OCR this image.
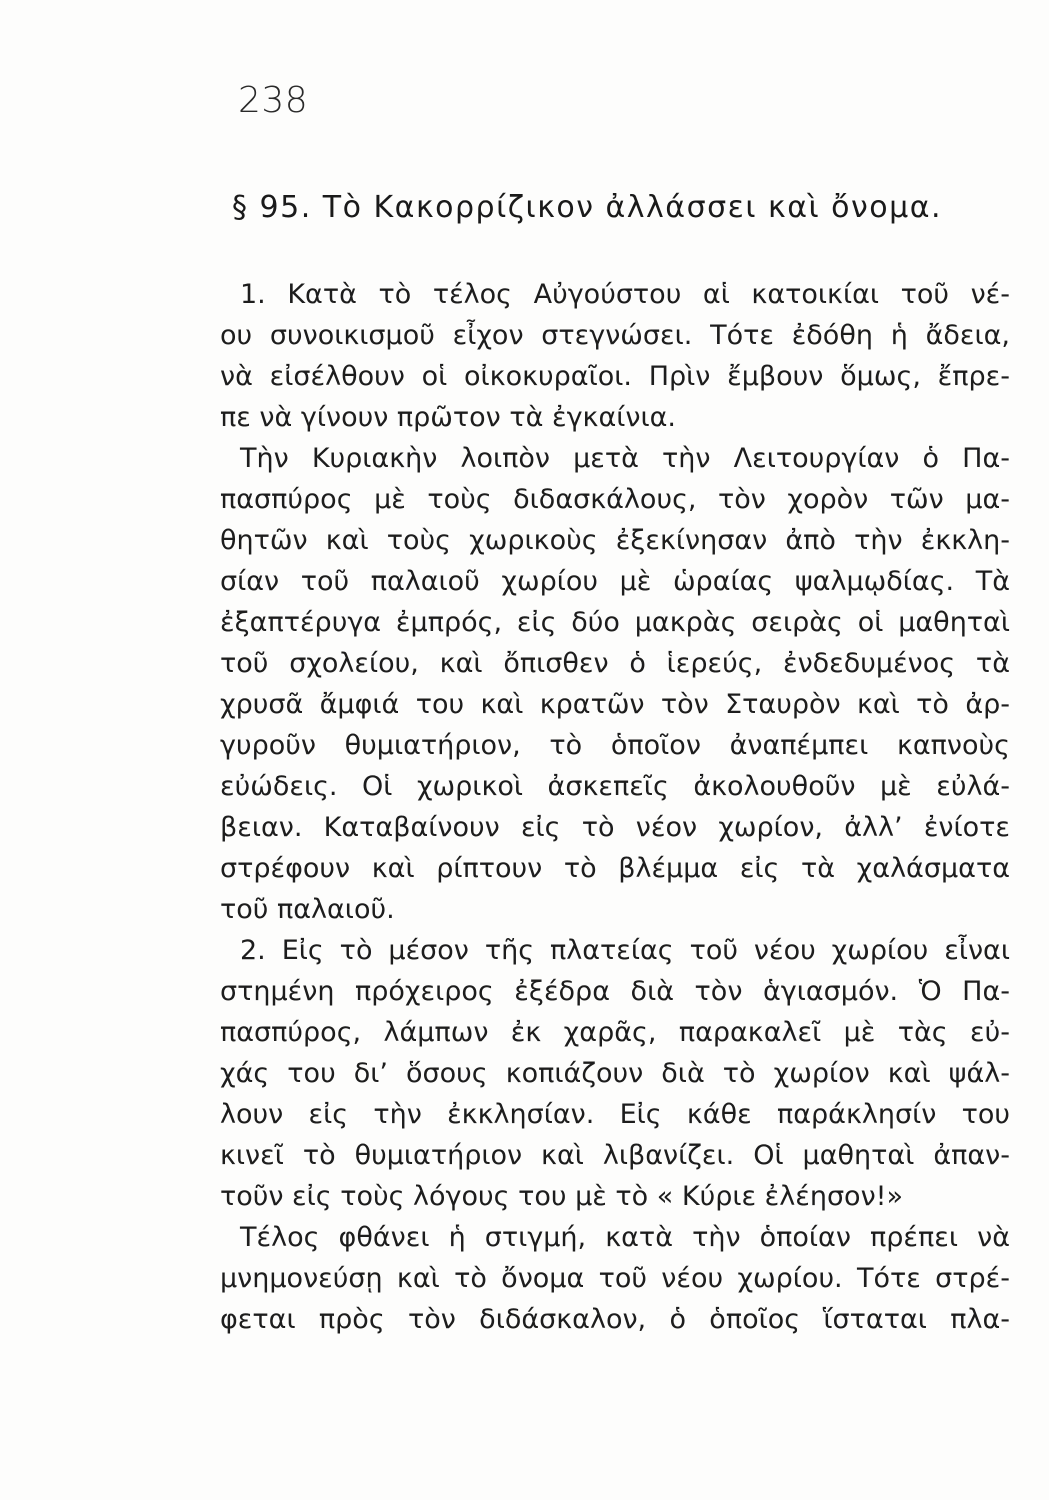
238
§ 95. Τὸ Κακορρίζικον ἀλλάσσει καὶ ὄνομα.
1. Κατὰ τὸ τέλος Αὐγούστου αἱ κατοικίαι τοῦ νέ-
ου συνοικισμοῦ εἶχον στεγνώσει. Τότε ἐδόθη ἡ ἄδεια,
νὰ εἰσέλθουν οἱ οἰκοκυραῖοι. Πρὶν ἔμβουν ὅμως, ἔπρε-
πε νὰ γίνουν πρῶτον τὰ ἐγκαίνια.
Τὴν Κυριακὴν λοιπὸν μετὰ τὴν Λειτουργίαν ὁ Πα-
πασπύρος μὲ τοὺς διδασκάλους, τὸν χορὸν τῶν μα-
θητῶν καὶ τοὺς χωρικοὺς ἐξεκίνησαν ἀπὸ τὴν ἐκκλη-
σίαν τοῦ παλαιοῦ χωρίου μὲ ὡραίας ψαλμῳδίας. Τὰ
ἐξαπτέρυγα ἐμπρός, εἰς δύο μακρὰς σειρὰς οἱ μαθηταὶ
τοῦ σχολείου, καὶ ὄπισθεν ὁ ἱερεύς, ἐνδεδυμένος τὰ
χρυσᾶ ἄμφιά του καὶ κρατῶν τὸν Σταυρὸν καὶ τὸ ἀρ-
γυροῦν θυμιατήριον, τὸ ὁποῖον ἀναπέμπει καπνοὺς
εὐώδεις. Οἱ χωρικοὶ ἀσκεπεῖς ἀκολουθοῦν μὲ εὐλά-
βειαν. Καταβαίνουν εἰς τὸ νέον χωρίον, ἀλλ’ ἐνίοτε
στρέφουν καὶ ρίπτουν τὸ βλέμμα εἰς τὰ χαλάσματα
τοῦ παλαιοῦ.
2. Εἰς τὸ μέσον τῆς πλατείας τοῦ νέου χωρίου εἶναι
στημένη πρόχειρος ἐξέδρα διὰ τὸν ἁγιασμόν. Ὁ Πα-
πασπύρος, λάμπων ἐκ χαρᾶς, παρακαλεῖ μὲ τὰς εὐ-
χάς του δι’ ὅσους κοπιάζουν διὰ τὸ χωρίον καὶ ψάλ-
λουν εἰς τὴν ἐκκλησίαν. Εἰς κάθε παράκλησίν του
κινεῖ τὸ θυμιατήριον καὶ λιβανίζει. Οἱ μαθηταὶ ἀπαν-
τοῦν εἰς τοὺς λόγους του μὲ τὸ « Κύριε ἐλέησον!»
Τέλος φθάνει ἡ στιγμή, κατὰ τὴν ὁποίαν πρέπει νὰ
μνημονεύσῃ καὶ τὸ ὄνομα τοῦ νέου χωρίου. Τότε στρέ-
φεται πρὸς τὸν διδάσκαλον, ὁ ὁποῖος ἵσταται πλα-
